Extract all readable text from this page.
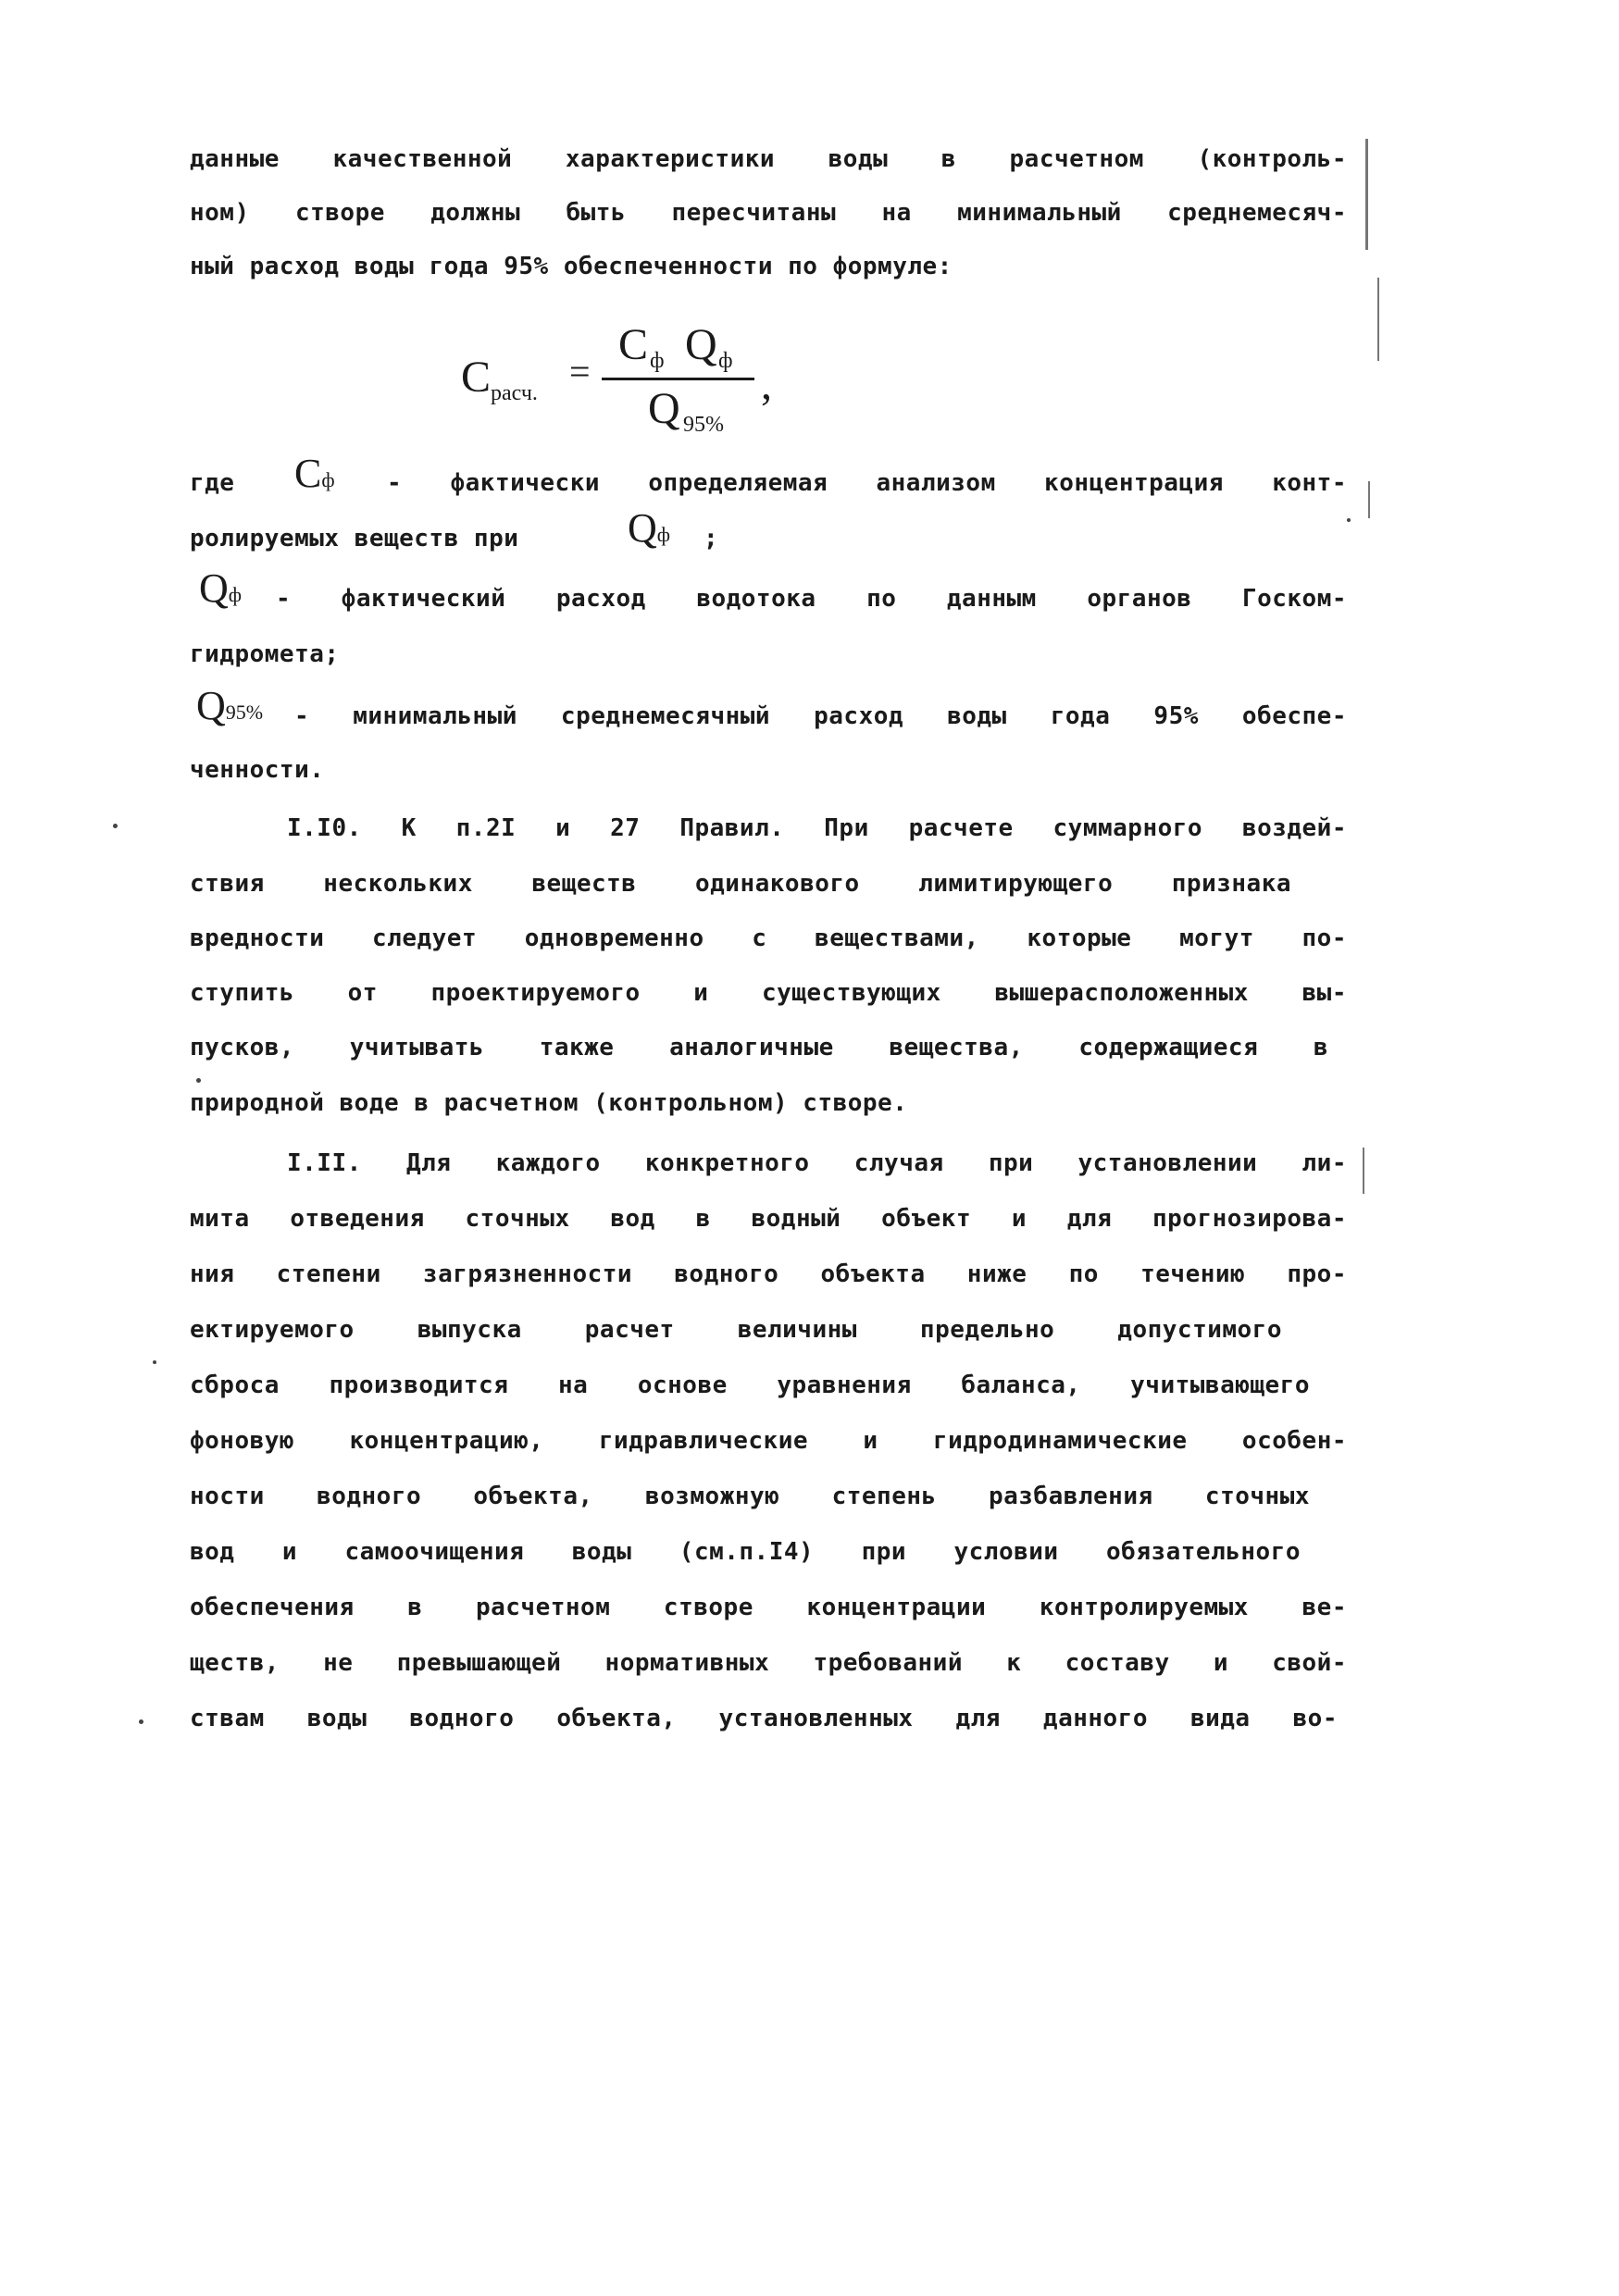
данные качественной характеристики воды в расчетном (контроль-
ном) створе должны быть пересчитаны на минимальный среднемесяч-
ный расход воды года 95% обеспеченности по формуле:
C расч.
=
C ф Q ф
Q 95%
,
где	Cф - фактически определяемая анализом концентрация конт-
ролируемых веществ при	Qф ;
Qф - фактический расход водотока по данным органов Госком-
гидромета;
Q95% - минимальный среднемесячный расход воды года 95% обеспе-
ченности.
I.I0. К п.2I и 27 Правил. При расчете суммарного воздей-
ствия нескольких веществ одинакового лимитирующего признака
вредности следует одновременно с веществами, которые могут по-
ступить от проектируемого и существующих вышерасположенных вы-
пусков, учитывать также аналогичные вещества, содержащиеся в
природной воде в расчетном (контрольном) створе.
I.II. Для каждого конкретного случая при установлении ли-
мита отведения сточных вод в водный объект и для прогнозирова-
ния степени загрязненности водного объекта ниже по течению про-
ектируемого выпуска расчет величины предельно допустимого
сброса производится на основе уравнения баланса, учитывающего
фоновую концентрацию, гидравлические и гидродинамические особен-
ности водного объекта, возможную степень разбавления сточных
вод и самоочищения воды (см.п.I4) при условии обязательного
обеспечения в расчетном створе концентрации контролируемых ве-
ществ, не превышающей нормативных требований к составу и свой-
ствам воды водного объекта, установленных для данного вида во-
